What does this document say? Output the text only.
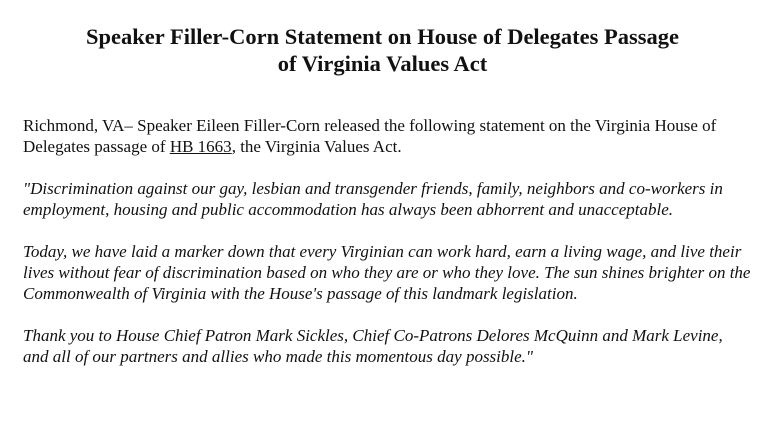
Speaker Filler-Corn Statement on House of Delegates Passage
of Virginia Values Act

Richmond, VA– Speaker Eileen Filler-Corn released the following statement on the Virginia House of Delegates passage of HB 1663, the Virginia Values Act.

"Discrimination against our gay, lesbian and transgender friends, family, neighbors and co-workers in employment, housing and public accommodation has always been abhorrent and unacceptable.

Today, we have laid a marker down that every Virginian can work hard, earn a living wage, and live their lives without fear of discrimination based on who they are or who they love. The sun shines brighter on the Commonwealth of Virginia with the House's passage of this landmark legislation.

Thank you to House Chief Patron Mark Sickles, Chief Co-Patrons Delores McQuinn and Mark Levine, and all of our partners and allies who made this momentous day possible."
